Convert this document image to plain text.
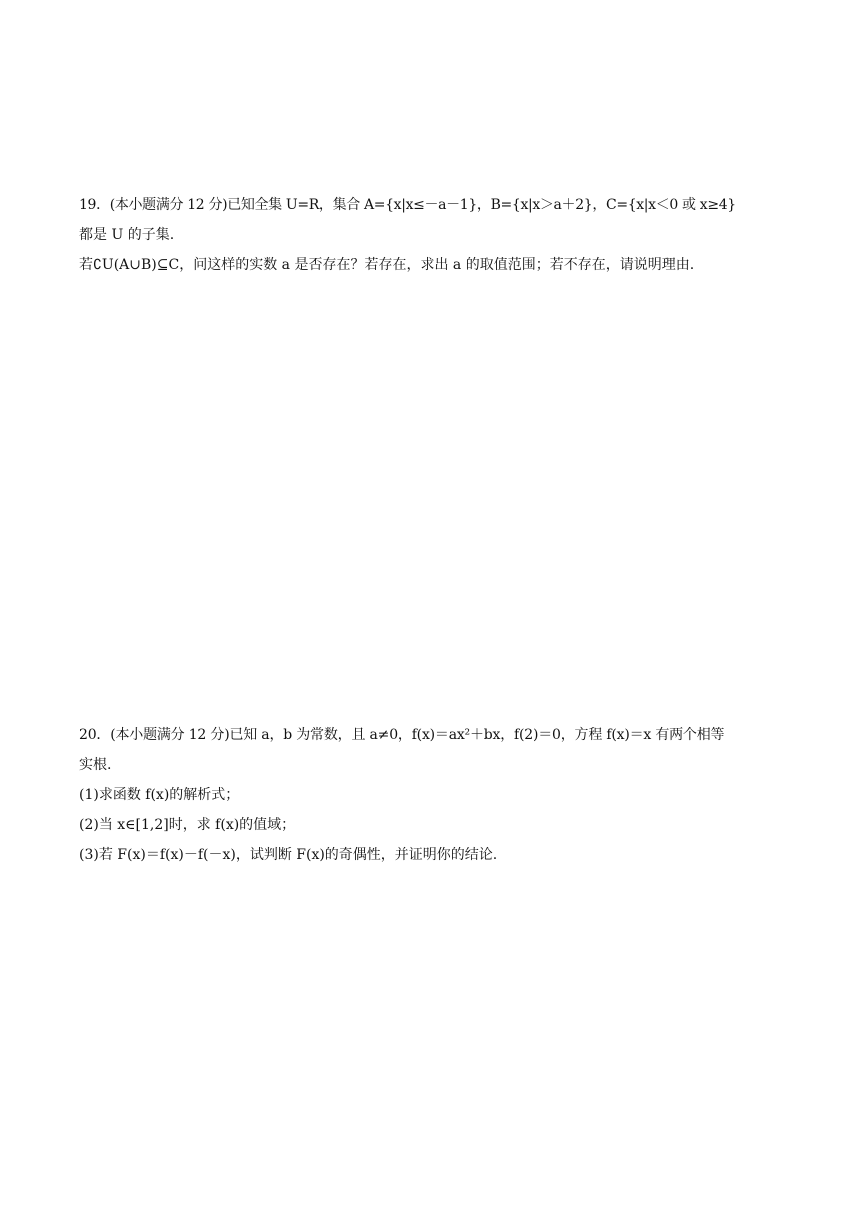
19．(本小题满分 12 分)已知全集 U=R，集合 A={x|x≤－a－1}，B={x|x＞a＋2}，C={x|x＜0 或 x≥4}
都是 U 的子集.
若∁U(A∪B)⊆C，问这样的实数 a 是否存在？若存在，求出 a 的取值范围；若不存在，请说明理由.
20．(本小题满分 12 分)已知 a，b 为常数，且 a≠0，f(x)＝ax²＋bx，f(2)＝0，方程 f(x)＝x 有两个相等
实根.
(1)求函数 f(x)的解析式；
(2)当 x∈[1,2]时，求 f(x)的值域；
(3)若 F(x)＝f(x)－f(－x)，试判断 F(x)的奇偶性，并证明你的结论.
